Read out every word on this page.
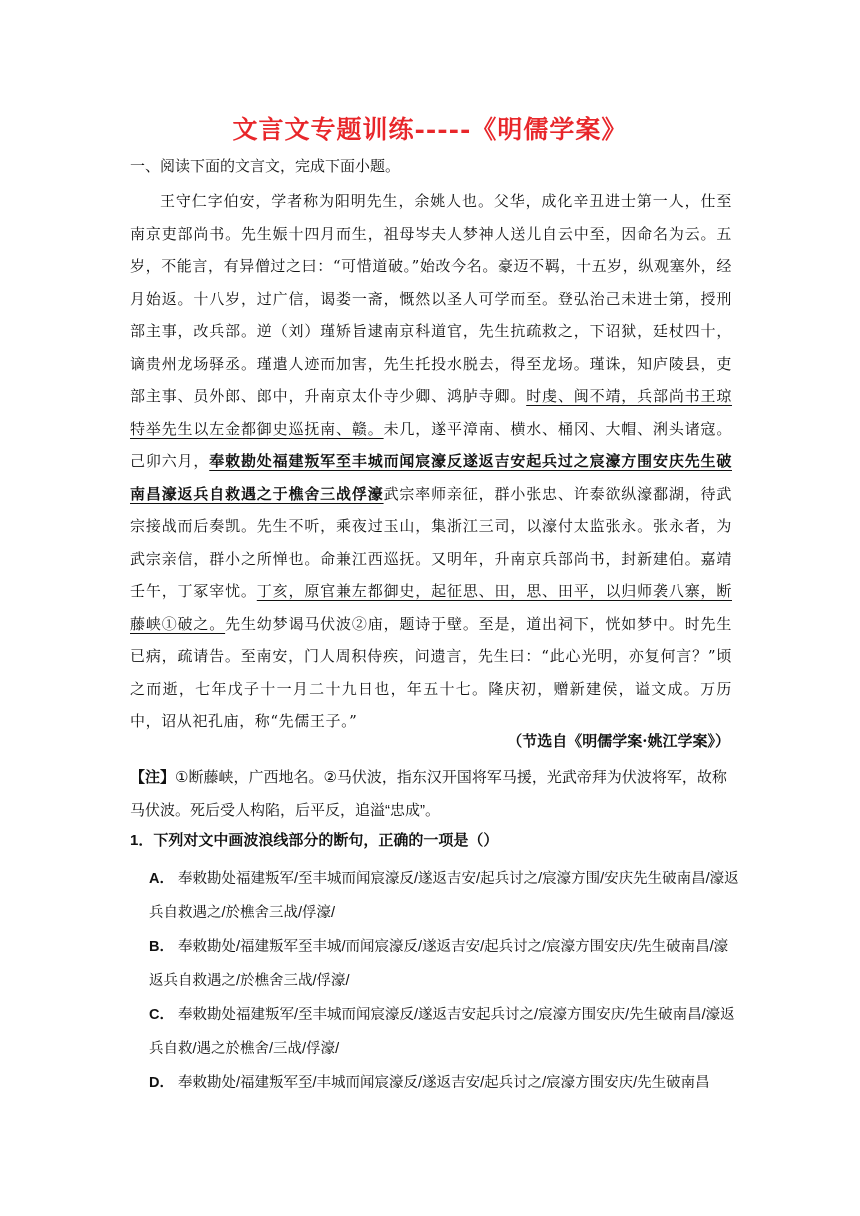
文言文专题训练-----《明儒学案》
一、阅读下面的文言文，完成下面小题。

王守仁字伯安，学者称为阳明先生，余姚人也。父华，成化辛丑进士第一人，仕至南京吏部尚书。先生娠十四月而生，祖母岑夫人梦神人送儿自云中至，因命名为云。五岁，不能言，有异僧过之曰：“可惜道破。”始改今名。豪迈不羁，十五岁，纵观塞外，经月始返。十八岁，过广信，谒娄一斋，慨然以圣人可学而至。登弘治己未进士第，授刑部主事，改兵部。逆（刘）瑾矫旨逮南京科道官，先生抗疏救之，下诏狱，廷杖四十，谪贵州龙场驿丞。瑾遣人迹而加害，先生托投水脱去，得至龙场。瑾诛，知庐陵县，吏部主事、员外郎、郎中，升南京太仆寺少卿、鸿胪寺卿。时虔、闽不靖，兵部尚书王琼特举先生以左金都御史巡抚南、赣。未几，遂平漳南、横水、桶冈、大帽、浰头诸寇。己卯六月，奉敕勘处福建叛军至丰城而闻宸濠反遂返吉安起兵过之宸濠方围安庆先生破南昌濠返兵自救遇之于樵舍三战俘濠武宗率师亲征，群小张忠、许泰欲纵濠鄱湖，待武宗接战而后奏凯。先生不听，乘夜过玉山，集浙江三司，以濠付太监张永。张永者，为武宗亲信，群小之所惮也。命兼江西巡抚。又明年，升南京兵部尚书，封新建伯。嘉靖壬午，丁冢宰忧。丁亥，原官兼左都御史，起征思、田，思、田平，以归师袭八寨，断藤峡①破之。先生幼梦谒马伏波②庙，题诗于壁。至是，道出祠下，恍如梦中。时先生已病，疏请告。至南安，门人周积侍疾，问遗言，先生曰：“此心光明，亦复何言？”顷之而逝，七年戊子十一月二十九日也，年五十七。隆庆初，赠新建侯，谥文成。万历中，诏从祀孔庙，称“先儒王子。”

（节选自《明儒学案·姚江学案》）
【注】①断藤峡，广西地名。②马伏波，指东汉开国将军马援，光武帝拜为伏波将军，故称马伏波。死后受人构陷，后平反，追溢“忠成”。
1．下列对文中画波浪线部分的断句，正确的一项是（）

A． 奉敕勘处福建叛军/至丰城而闻宸濠反/遂返吉安/起兵讨之/宸濠方围/安庆先生破南昌/濠返兵自救遇之/於樵舍三战/俘濠/

B． 奉敕勘处/福建叛军至丰城/而闻宸濠反/遂返吉安/起兵讨之/宸濠方围安庆/先生破南昌/濠返兵自救遇之/於樵舍三战/俘濠/

C． 奉敕勘处福建叛军/至丰城而闻宸濠反/遂返吉安起兵讨之/宸濠方围安庆/先生破南昌/濠返兵自救/遇之於樵舍/三战/俘濠/

D． 奉敕勘处/福建叛军至/丰城而闻宸濠反/遂返吉安/起兵讨之/宸濠方围安庆/先生破南昌
